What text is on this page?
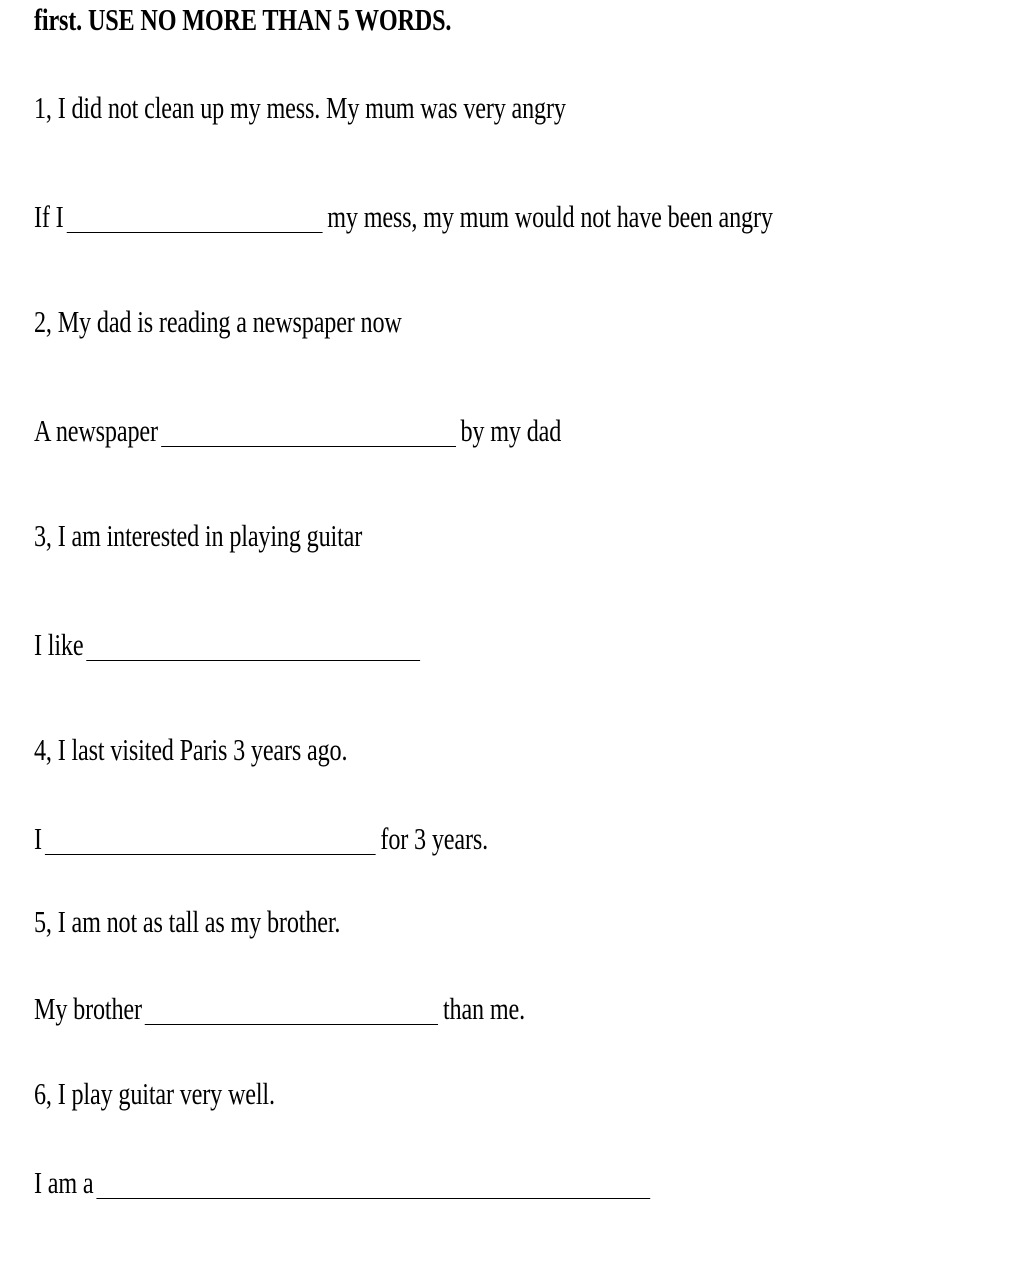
first. USE NO MORE THAN 5 WORDS.
1, I did not clean up my mess. My mum was very angry
If I	my mess, my mum would not have been angry
2, My dad is reading a newspaper now
A newspaper	by my dad
3, I am interested in playing guitar
I like
4, I last visited Paris 3 years ago.
I	for 3 years.
5, I am not as tall as my brother.
My brother	than me.
6, I play guitar very well.
I am a
